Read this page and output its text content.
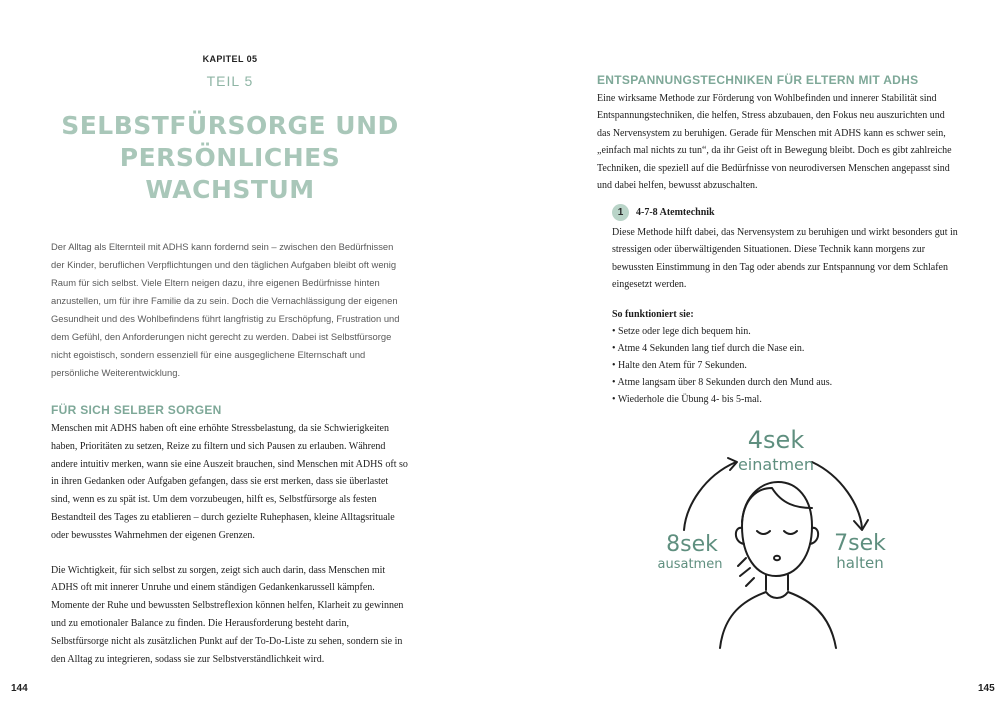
KAPITEL 05
TEIL 5
SELBSTFÜRSORGE UND
PERSÖNLICHES
WACHSTUM

Der Alltag als Elternteil mit ADHS kann fordernd sein – zwischen den Bedürfnissen der Kinder, beruflichen Verpflichtungen und den täglichen Aufgaben bleibt oft wenig Raum für sich selbst. Viele Eltern neigen dazu, ihre eigenen Bedürfnisse hinten anzustellen, um für ihre Familie da zu sein. Doch die Vernachlässigung der eigenen Gesundheit und des Wohlbefindens führt langfristig zu Erschöpfung, Frustration und dem Gefühl, den Anforderungen nicht gerecht zu werden. Dabei ist Selbstfürsorge nicht egoistisch, sondern essenziell für eine ausgeglichene Elternschaft und persönliche Weiterentwicklung.

FÜR SICH SELBER SORGEN

Menschen mit ADHS haben oft eine erhöhte Stressbelastung, da sie Schwierigkeiten haben, Prioritäten zu setzen, Reize zu filtern und sich Pausen zu erlauben. Während andere intuitiv merken, wann sie eine Auszeit brauchen, sind Menschen mit ADHS oft so in ihren Gedanken oder Aufgaben gefangen, dass sie erst merken, dass sie überlastet sind, wenn es zu spät ist. Um dem vorzubeugen, hilft es, Selbstfürsorge als festen Bestandteil des Tages zu etablieren – durch gezielte Ruhephasen, kleine Alltagsrituale oder bewusstes Wahrnehmen der eigenen Grenzen.

Die Wichtigkeit, für sich selbst zu sorgen, zeigt sich auch darin, dass Menschen mit ADHS oft mit innerer Unruhe und einem ständigen Gedankenkarussell kämpfen. Momente der Ruhe und bewussten Selbstreflexion können helfen, Klarheit zu gewinnen und zu emotionaler Balance zu finden. Die Herausforderung besteht darin, Selbstfürsorge nicht als zusätzlichen Punkt auf der To-Do-Liste zu sehen, sondern sie in den Alltag zu integrieren, sodass sie zur Selbstverständlichkeit wird.

144
ENTSPANNUNGSTECHNIKEN FÜR ELTERN MIT ADHS

Eine wirksame Methode zur Förderung von Wohlbefinden und innerer Stabilität sind Entspannungstechniken, die helfen, Stress abzubauen, den Fokus neu auszurichten und das Nervensystem zu beruhigen. Gerade für Menschen mit ADHS kann es schwer sein, „einfach mal nichts zu tun“, da ihr Geist oft in Bewegung bleibt. Doch es gibt zahlreiche Techniken, die speziell auf die Bedürfnisse von neurodiversen Menschen angepasst sind und dabei helfen, bewusst abzuschalten.

1	4-7-8 Atemtechnik
Diese Methode hilft dabei, das Nervensystem zu beruhigen und wirkt besonders gut in stressigen oder überwältigenden Situationen. Diese Technik kann morgens zur bewussten Einstimmung in den Tag oder abends zur Entspannung vor dem Schlafen eingesetzt werden.
So funktioniert sie:
• Setze oder lege dich bequem hin.
• Atme 4 Sekunden lang tief durch die Nase ein.
• Halte den Atem für 7 Sekunden.
• Atme langsam über 8 Sekunden durch den Mund aus.
• Wiederhole die Übung 4- bis 5-mal.
4sek
einatmen
8sek
ausatmen
7sek
halten
145
